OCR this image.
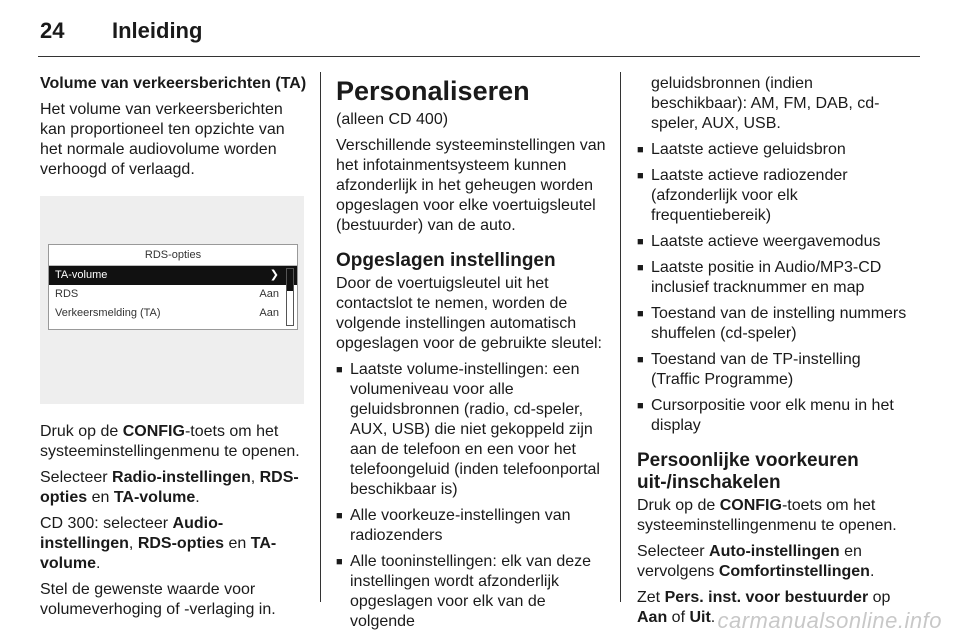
24	Inleiding

Volume van verkeersberichten (TA)

Het volume van verkeersberichten kan proportioneel ten opzichte van het normale audiovolume worden verhoogd of verlaagd.

RDS-opties
TA-volume	❯
RDS	Aan
Verkeersmelding (TA)	Aan

Druk op de CONFIG-toets om het systeeminstellingenmenu te openen.

Selecteer Radio-instellingen, RDS-opties en TA-volume.

CD 300: selecteer Audio-instellingen, RDS-opties en TA-volume.

Stel de gewenste waarde voor volumeverhoging of -verlaging in.

Personaliseren

(alleen CD 400)

Verschillende systeeminstellingen van het infotainmentsysteem kunnen afzonderlijk in het geheugen worden opgeslagen voor elke voertuigsleutel (bestuurder) van de auto.

Opgeslagen instellingen

Door de voertuigsleutel uit het contactslot te nemen, worden de volgende instellingen automatisch opgeslagen voor de gebruikte sleutel:

■ Laatste volume-instellingen: een volumeniveau voor alle geluidsbronnen (radio, cd-speler, AUX, USB) die niet gekoppeld zijn aan de telefoon en een voor het telefoongeluid (inden telefoonportal beschikbaar is)
■ Alle voorkeuze-instellingen van radiozenders
■ Alle tooninstellingen: elk van deze instellingen wordt afzonderlijk opgeslagen voor elk van de volgende

geluidsbronnen (indien beschikbaar): AM, FM, DAB, cd-speler, AUX, USB.

■ Laatste actieve geluidsbron
■ Laatste actieve radiozender (afzonderlijk voor elk frequentiebereik)
■ Laatste actieve weergavemodus
■ Laatste positie in Audio/MP3-CD inclusief tracknummer en map
■ Toestand van de instelling nummers shuffelen (cd-speler)
■ Toestand van de TP-instelling (Traffic Programme)
■ Cursorpositie voor elk menu in het display
Persoonlijke voorkeuren uit-/inschakelen

Druk op de CONFIG-toets om het systeeminstellingenmenu te openen.

Selecteer Auto-instellingen en vervolgens Comfortinstellingen.

Zet Pers. inst. voor bestuurder op Aan of Uit. carmanualsonline.info
